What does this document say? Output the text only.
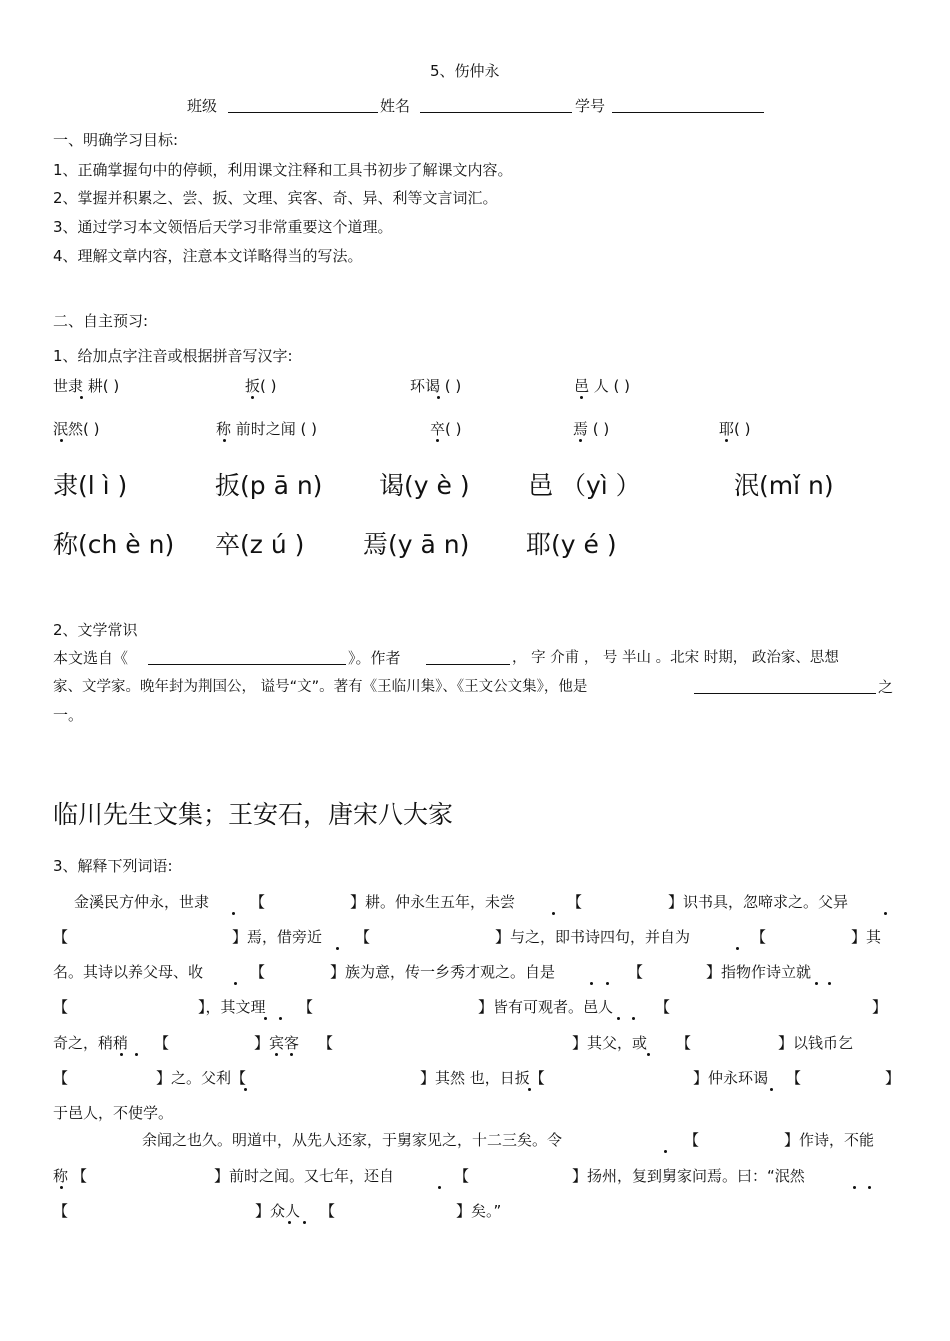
5、伤仲永
班级	姓名	学号
一、明确学习目标:
1、正确掌握句中的停顿，利用课文注释和工具书初步了解课文内容。
2、掌握并积累之、尝、扳、文理、宾客、奇、异、利等文言词汇。
3、通过学习本文领悟后天学习非常重要这个道理。
4、理解文章内容，注意本文详略得当的写法。
二、自主预习:
1、给加点字注音或根据拼音写汉字:
世隶 耕( )	扳( )	环谒 ( )	邑 人 ( )
泯然( )	称 前时之闻 ( )	卒( )	焉 ( )	耶( )
隶(l ì )	扳(p ā n) 谒(y è ) 邑 （yì ）	泯(mǐ n)
称(ch è n) 卒(z ú ) 焉(y ā n) 耶(y é )
2、文学常识
本文选自《	》。作者	， 字 介甫 ， 号 半山 。北宋 时期， 政治家、思想
家、文学家。晚年封为荆国公， 谥号“文”。著有《王临川集》、《王文公文集》，他是	之
一。
临川先生文集；王安石，唐宋八大家
3、解释下列词语:
金溪民方仲永，世隶	【	】耕。仲永生五年，未尝	【	】识书具，忽啼求之。父异
【	】焉，借旁近 【	】与之，即书诗四句，并自为	【	】其
名。其诗以养父母、收	【	】族为意，传一乡秀才观之。自是	【	】指物作诗立就
【	】，其文理 【	】皆有可观者。邑人	【	】
奇之，稍稍 【	】宾客 【	】其父，或 【	】以钱币乞
【	】之。父利【	】其然 也，日扳【	】仲永环谒 【	】
于邑人，不使学。
余闻之也久。明道中，从先人还家，于舅家见之，十二三矣。令	【	】作诗，不能
称 【	】前时之闻。又七年，还自	【	】扬州，复到舅家问焉。曰：“泯然
【	】众人 【	】矣。”
